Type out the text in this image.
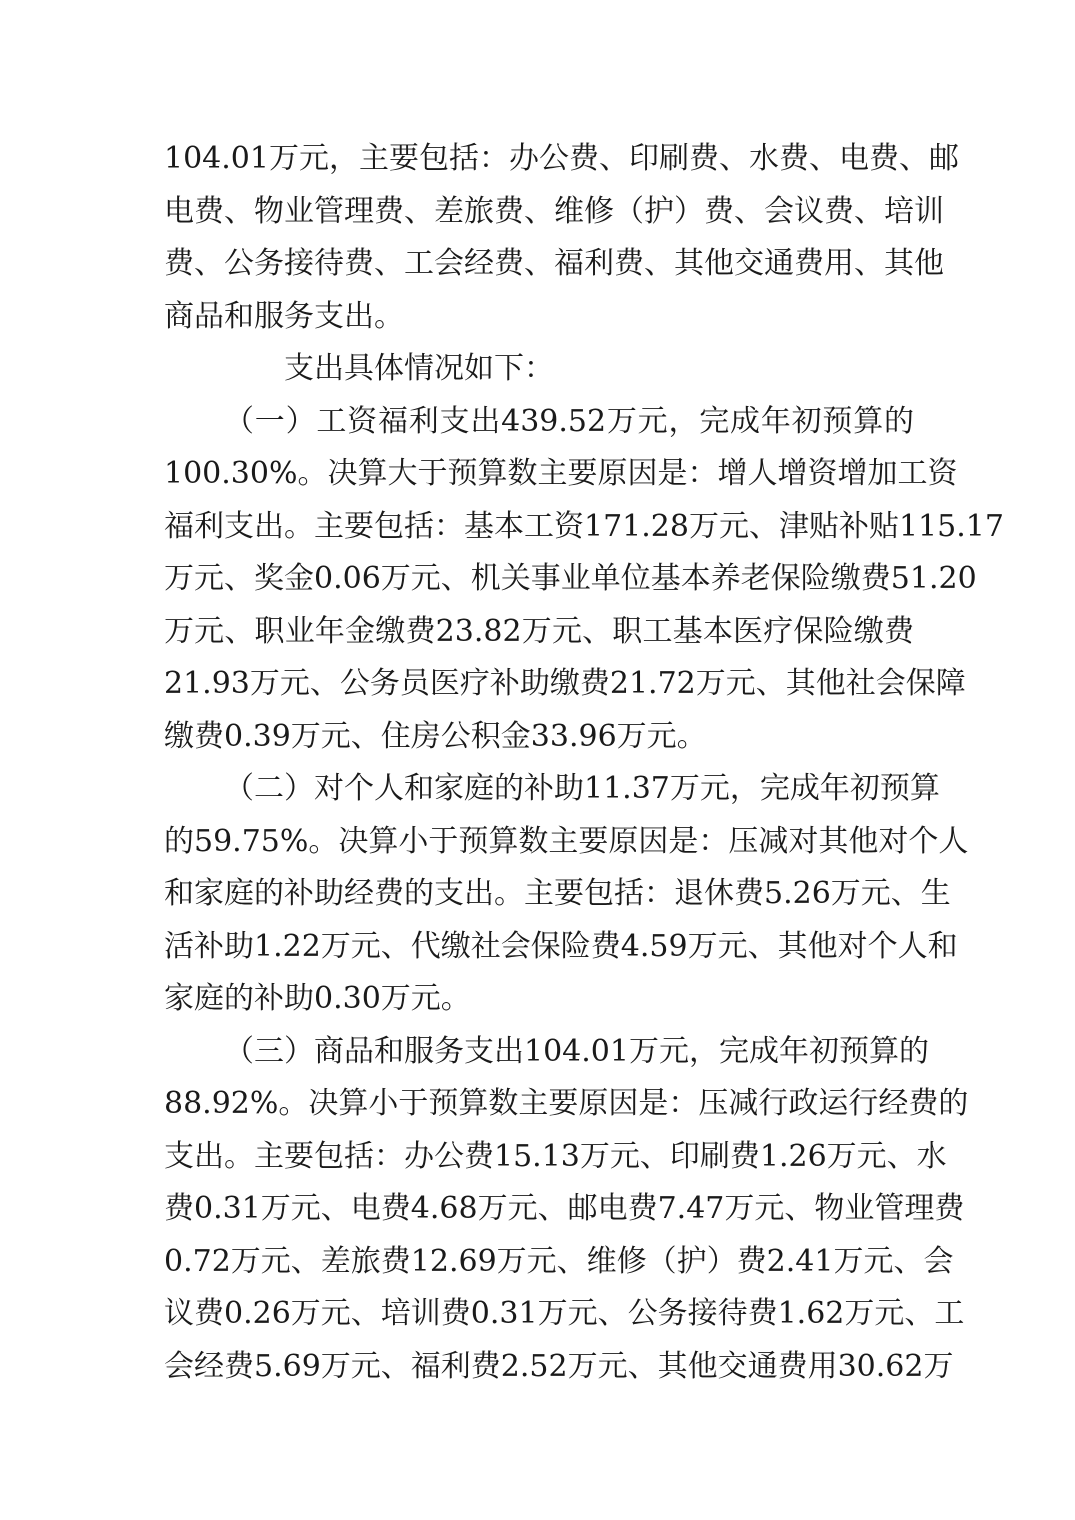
104.01万元，主要包括：办公费、印刷费、水费、电费、邮
电费、物业管理费、差旅费、维修（护）费、会议费、培训
费、公务接待费、工会经费、福利费、其他交通费用、其他
商品和服务支出。

支出具体情况如下：

（一）工资福利支出439.52万元，完成年初预算的
100.30%。决算大于预算数主要原因是：增人增资增加工资
福利支出。主要包括：基本工资171.28万元、津贴补贴115.17
万元、奖金0.06万元、机关事业单位基本养老保险缴费51.20
万元、职业年金缴费23.82万元、职工基本医疗保险缴费
21.93万元、公务员医疗补助缴费21.72万元、其他社会保障
缴费0.39万元、住房公积金33.96万元。

（二）对个人和家庭的补助11.37万元，完成年初预算
的59.75%。决算小于预算数主要原因是：压减对其他对个人
和家庭的补助经费的支出。主要包括：退休费5.26万元、生
活补助1.22万元、代缴社会保险费4.59万元、其他对个人和
家庭的补助0.30万元。

（三）商品和服务支出104.01万元，完成年初预算的
88.92%。决算小于预算数主要原因是：压减行政运行经费的
支出。主要包括：办公费15.13万元、印刷费1.26万元、水
费0.31万元、电费4.68万元、邮电费7.47万元、物业管理费
0.72万元、差旅费12.69万元、维修（护）费2.41万元、会
议费0.26万元、培训费0.31万元、公务接待费1.62万元、工
会经费5.69万元、福利费2.52万元、其他交通费用30.62万
